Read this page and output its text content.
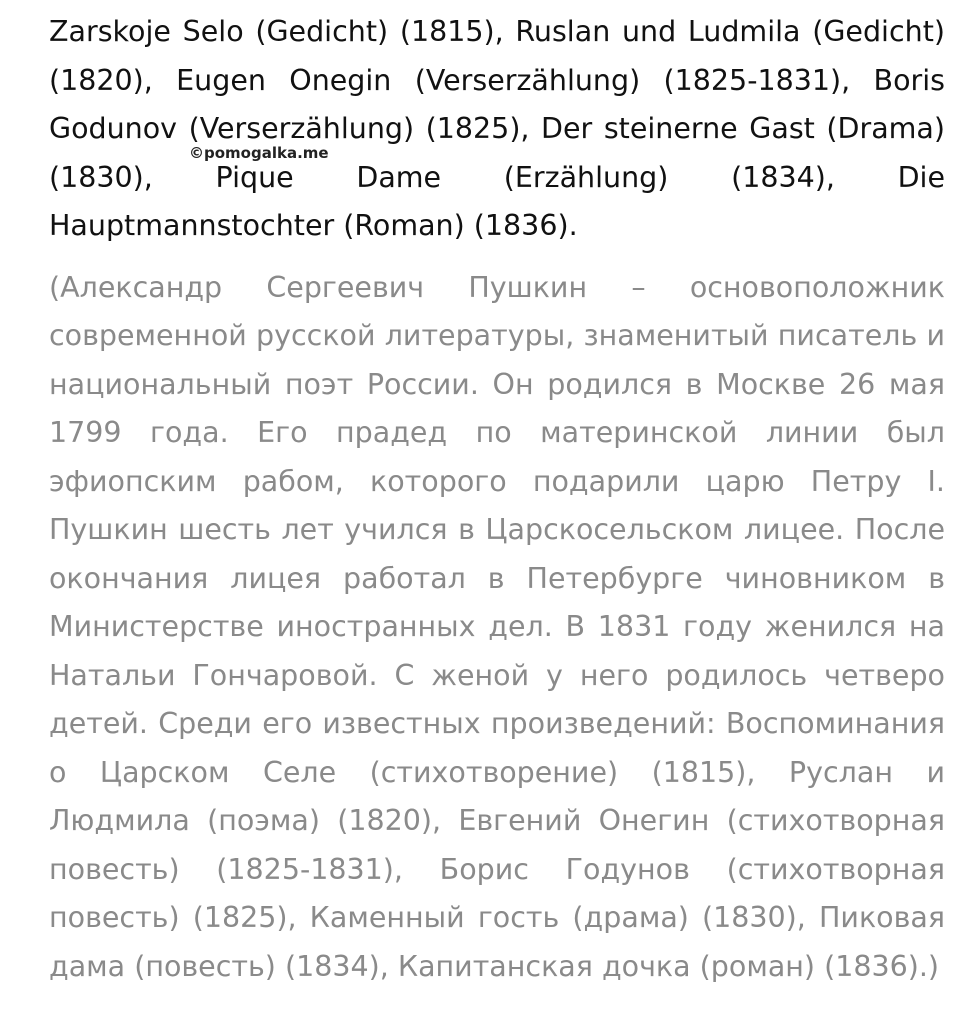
Zarskoje Selo (Gedicht) (1815), Ruslan und Ludmila (Gedicht) (1820), Eugen Onegin (Verserzählung) (1825-1831), Boris Godunov (Verserzählung) (1825), Der steinerne Gast (Drama) (1830), Pique Dame (Erzählung) (1834), Die Hauptmannstochter (Roman) (1836).

(Александр Сергеевич Пушкин – основоположник современной русской литературы, знаменитый писатель и национальный поэт России. Он родился в Москве 26 мая 1799 года. Его прадед по материнской линии был эфиопским рабом, которого подарили царю Петру I. Пушкин шесть лет учился в Царскосельском лицее. После окончания лицея работал в Петербурге чиновником в Министерстве иностранных дел. В 1831 году женился на Натальи Гончаровой. С женой у него родилось четверо детей. Среди его известных произведений: Воспоминания о Царском Селе (стихотворение) (1815), Руслан и Людмила (поэма) (1820), Евгений Онегин (стихотворная повесть) (1825-1831), Борис Годунов (стихотворная повесть) (1825), Каменный гость (драма) (1830), Пиковая дама (повесть) (1834), Капитанская дочка (роман) (1836).)

©pomogalka.me
